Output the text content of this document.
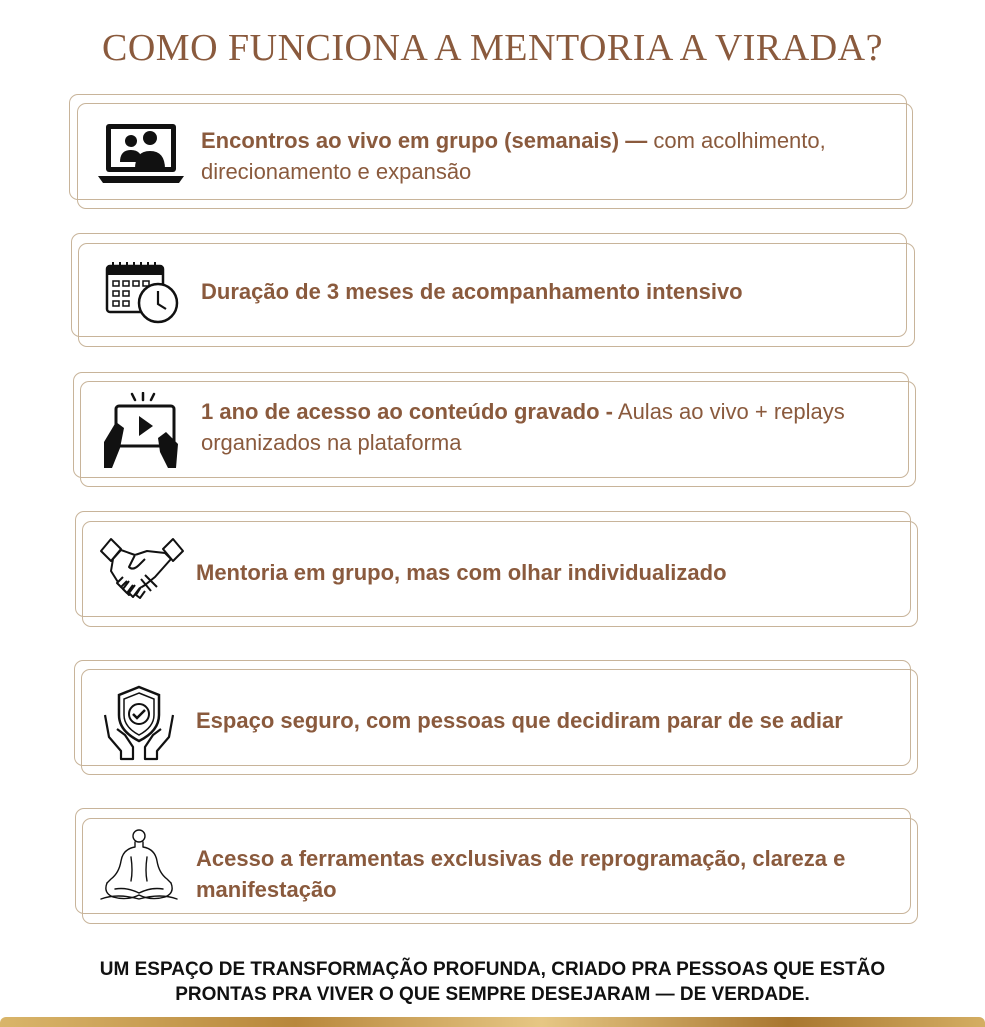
COMO FUNCIONA A MENTORIA A VIRADA?

Encontros ao vivo em grupo (semanais) — com acolhimento, direcionamento e expansão

Duração de 3 meses de acompanhamento intensivo

1 ano de acesso ao conteúdo gravado - Aulas ao vivo + replays organizados na plataforma

Mentoria em grupo, mas com olhar individualizado

Espaço seguro, com pessoas que decidiram parar de se adiar

Acesso a ferramentas exclusivas de reprogramação, clareza e manifestação

UM ESPAÇO DE TRANSFORMAÇÃO PROFUNDA, CRIADO PRA PESSOAS QUE ESTÃO
PRONTAS PRA VIVER O QUE SEMPRE DESEJARAM — DE VERDADE.
